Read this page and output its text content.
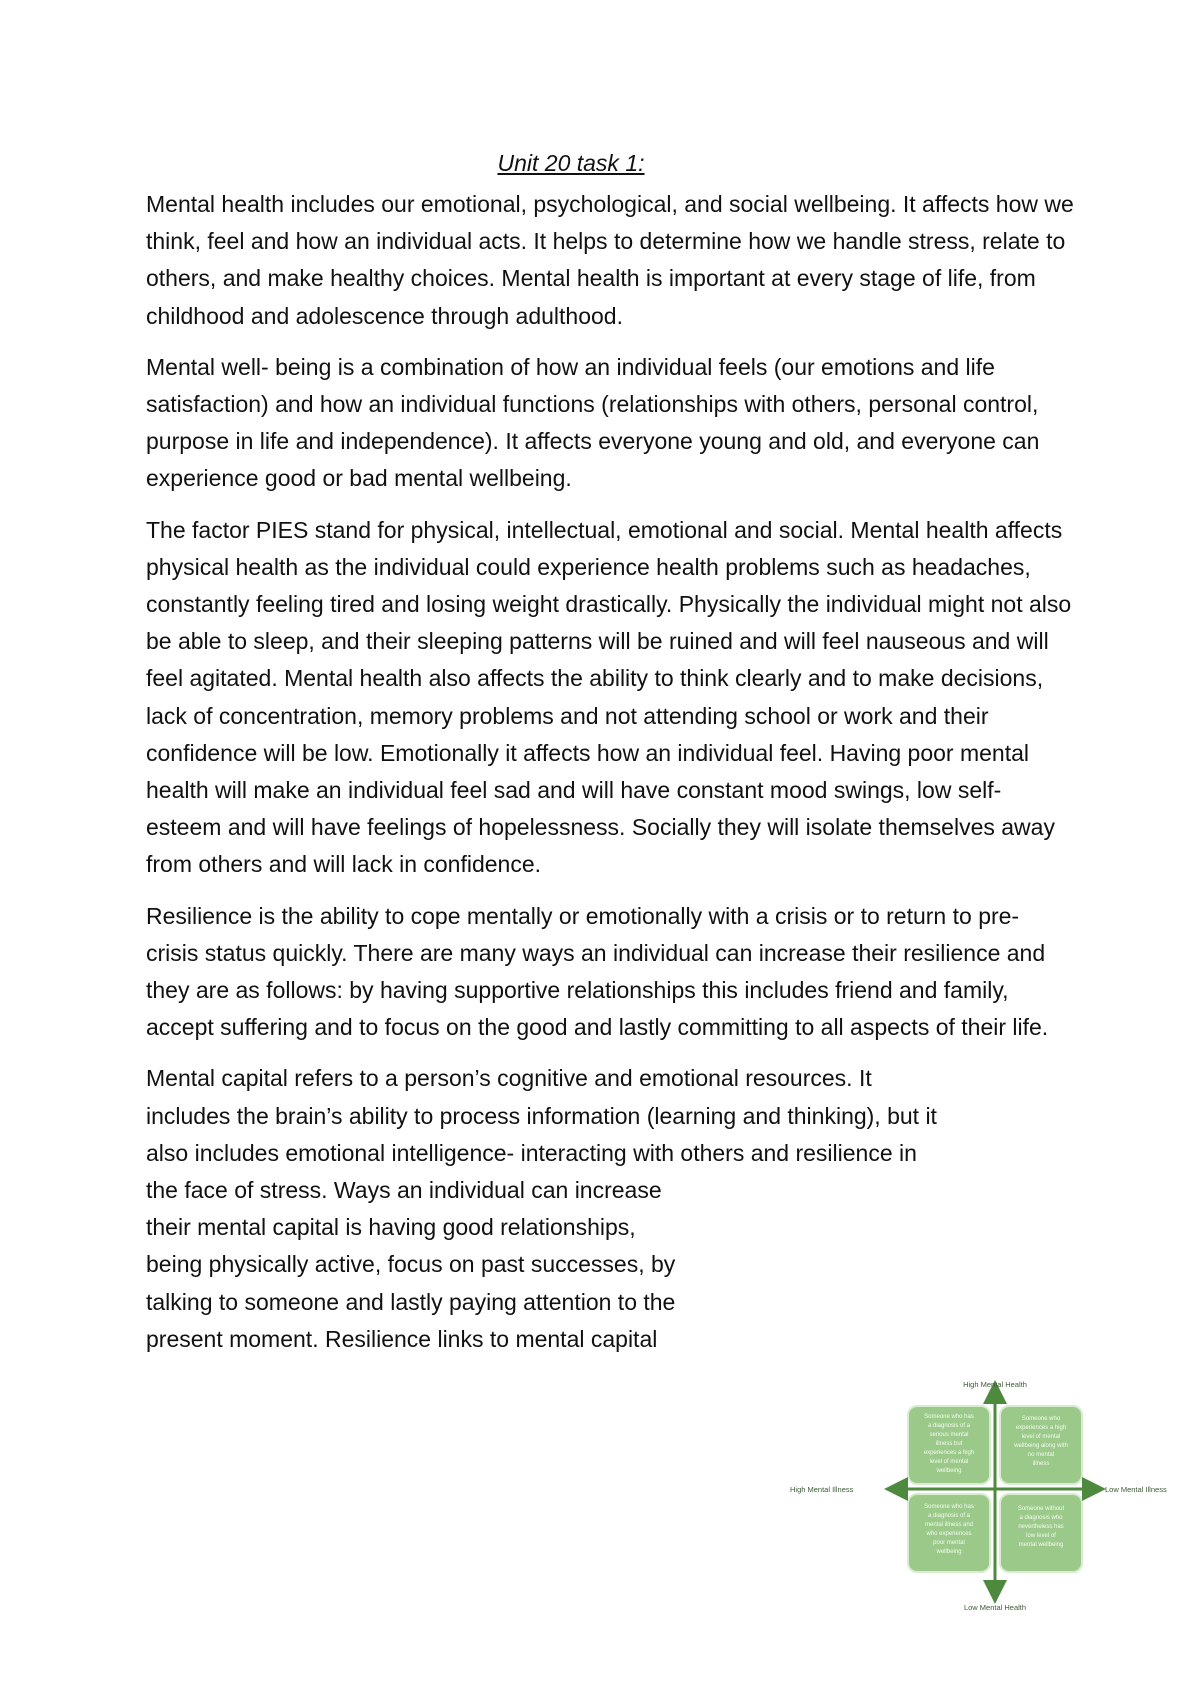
Unit 20 task 1:

Mental health includes our emotional, psychological, and social wellbeing. It affects how we think, feel and how an individual acts. It helps to determine how we handle stress, relate to others, and make healthy choices. Mental health is important at every stage of life, from childhood and adolescence through adulthood.

Mental well- being is a combination of how an individual feels (our emotions and life satisfaction) and how an individual functions (relationships with others, personal control, purpose in life and independence). It affects everyone young and old, and everyone can experience good or bad mental wellbeing.

The factor PIES stand for physical, intellectual, emotional and social. Mental health affects physical health as the individual could experience health problems such as headaches, constantly feeling tired and losing weight drastically. Physically the individual might not also be able to sleep, and their sleeping patterns will be ruined and will feel nauseous and will feel agitated. Mental health also affects the ability to think clearly and to make decisions, lack of concentration, memory problems and not attending school or work and their confidence will be low. Emotionally it affects how an individual feel. Having poor mental health will make an individual feel sad and will have constant mood swings, low self- esteem and will have feelings of hopelessness. Socially they will isolate themselves away from others and will lack in confidence.

Resilience is the ability to cope mentally or emotionally with a crisis or to return to pre- crisis status quickly. There are many ways an individual can increase their resilience and they are as follows: by having supportive relationships this includes friend and family, accept suffering and to focus on the good and lastly committing to all aspects of their life.

Mental capital refers to a person’s cognitive and emotional resources. It
includes the brain’s ability to process information (learning and thinking), but it
also includes emotional intelligence- interacting with others and resilience in
the face of stress. Ways an individual can increase
their mental capital is having good relationships,
being physically active, focus on past successes, by
talking to someone and lastly paying attention to the
present moment. Resilience links to mental capital

High Mental Health
Low Mental Health
High Mental Illness	Low Mental Illness
Someone who has
a diagnosis of a
serious mental
illness but
experiences a high
level of mental
wellbeing
Someone who
experiences a high
level of mental
wellbeing along with
no mental
illness
Someone who has
a diagnosis of a
mental illness and
who experiences
poor mental
wellbeing
Someone without
a diagnosis who
nevertheless has
low level of
mental wellbeing
